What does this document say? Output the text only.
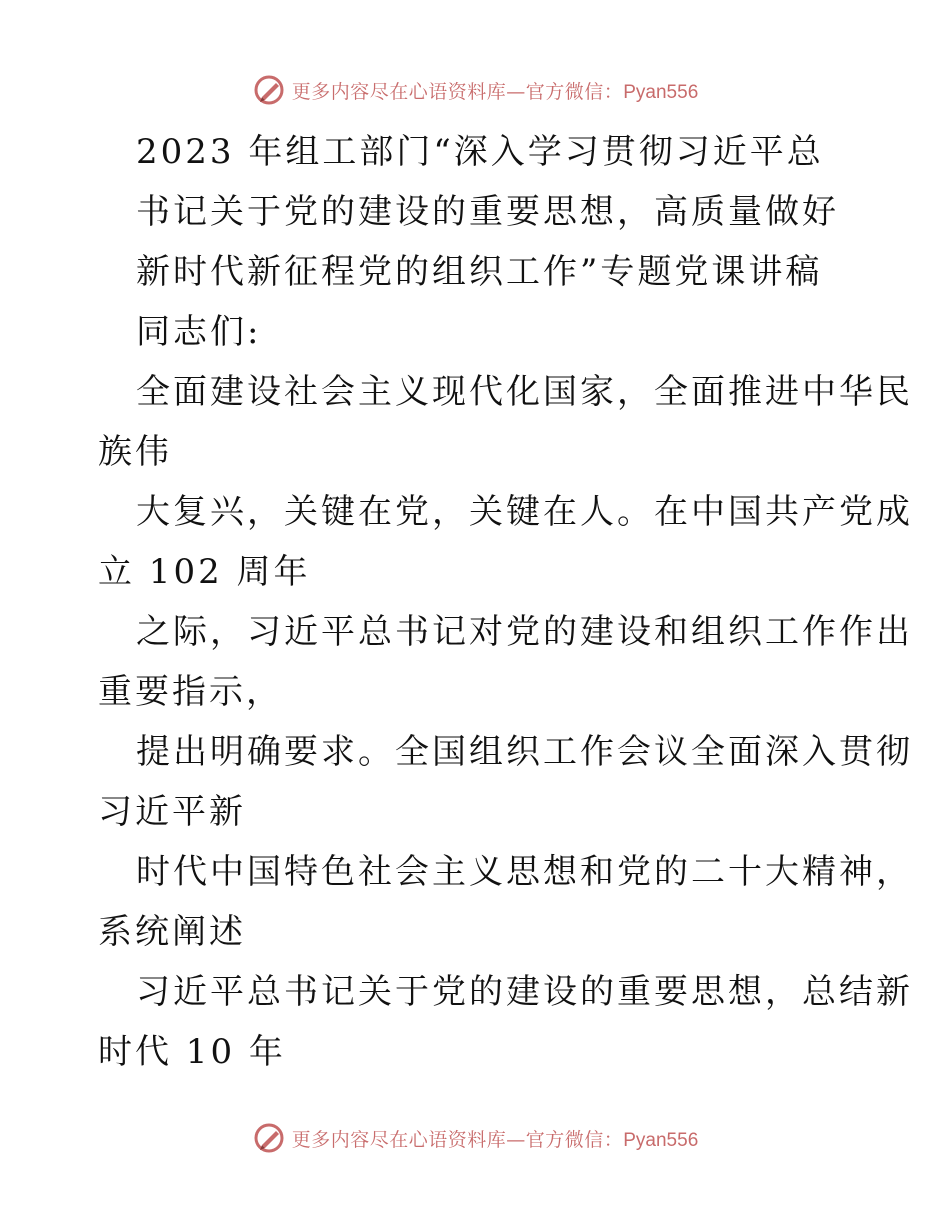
更多内容尽在心语资料库—官方微信：Pyan556
2023 年组工部门“深入学习贯彻习近平总
书记关于党的建设的重要思想，高质量做好
新时代新征程党的组织工作”专题党课讲稿
同志们:
全面建设社会主义现代化国家，全面推进中华民
族伟
大复兴，关键在党，关键在人。在中国共产党成
立 102 周年
之际，习近平总书记对党的建设和组织工作作出
重要指示，
提出明确要求。全国组织工作会议全面深入贯彻
习近平新
时代中国特色社会主义思想和党的二十大精神，
系统阐述
习近平总书记关于党的建设的重要思想，总结新
时代 10 年
更多内容尽在心语资料库—官方微信：Pyan556
